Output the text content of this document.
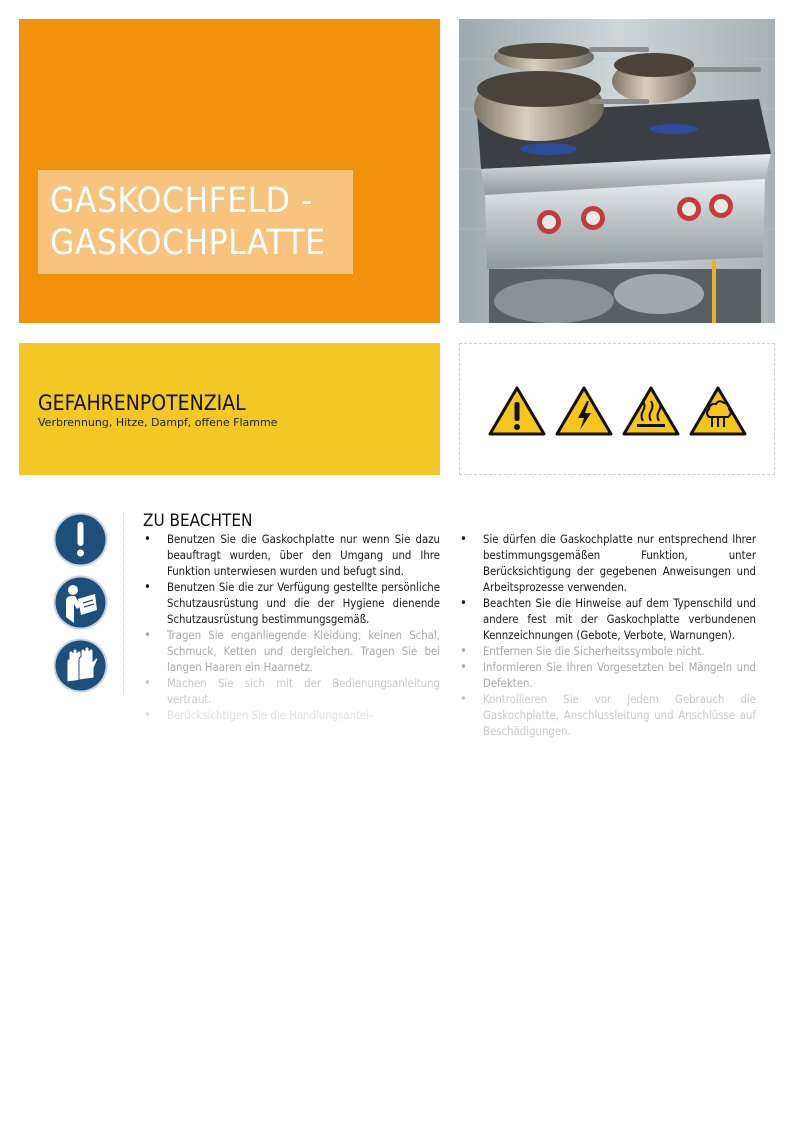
GASKOCHFELD -
GASKOCHPLATTE
GEFAHRENPOTENZIAL
Verbrennung, Hitze, Dampf, offene Flamme
ZU BEACHTEN
• Benutzen Sie die Gaskochplatte nur wenn Sie dazu beauftragt wurden, über den Umgang und Ihre Funktion unterwiesen wurden und befugt sind.
• Benutzen Sie die zur Verfügung gestellte persönliche Schutzausrüstung und die der Hygiene dienende Schutzausrüstung bestimmungsgemäß.
• Tragen Sie enganliegende Kleidung, keinen Schal, Schmuck, Ketten und dergleichen. Tragen Sie bei langen Haaren ein Haarnetz.
• Machen Sie sich mit der Bedienungsanleitung vertraut.
• Berücksichtigen Sie die Handlungsantei-
• Sie dürfen die Gaskochplatte nur entsprechend Ihrer bestimmungsgemäßen Funktion, unter Berücksichtigung der gegebenen Anweisungen und Arbeitsprozesse verwenden.
• Beachten Sie die Hinweise auf dem Typenschild und andere fest mit der Gaskochplatte verbundenen Kennzeichnungen (Gebote, Verbote, Warnungen).
• Entfernen Sie die Sicherheitssymbole nicht.
• Informieren Sie Ihren Vorgesetzten bei Mängeln und Defekten.
• Kontrollieren Sie vor jedem Gebrauch die Gaskochplatte, Anschlussleitung und Anschlüsse auf Beschädigungen.
